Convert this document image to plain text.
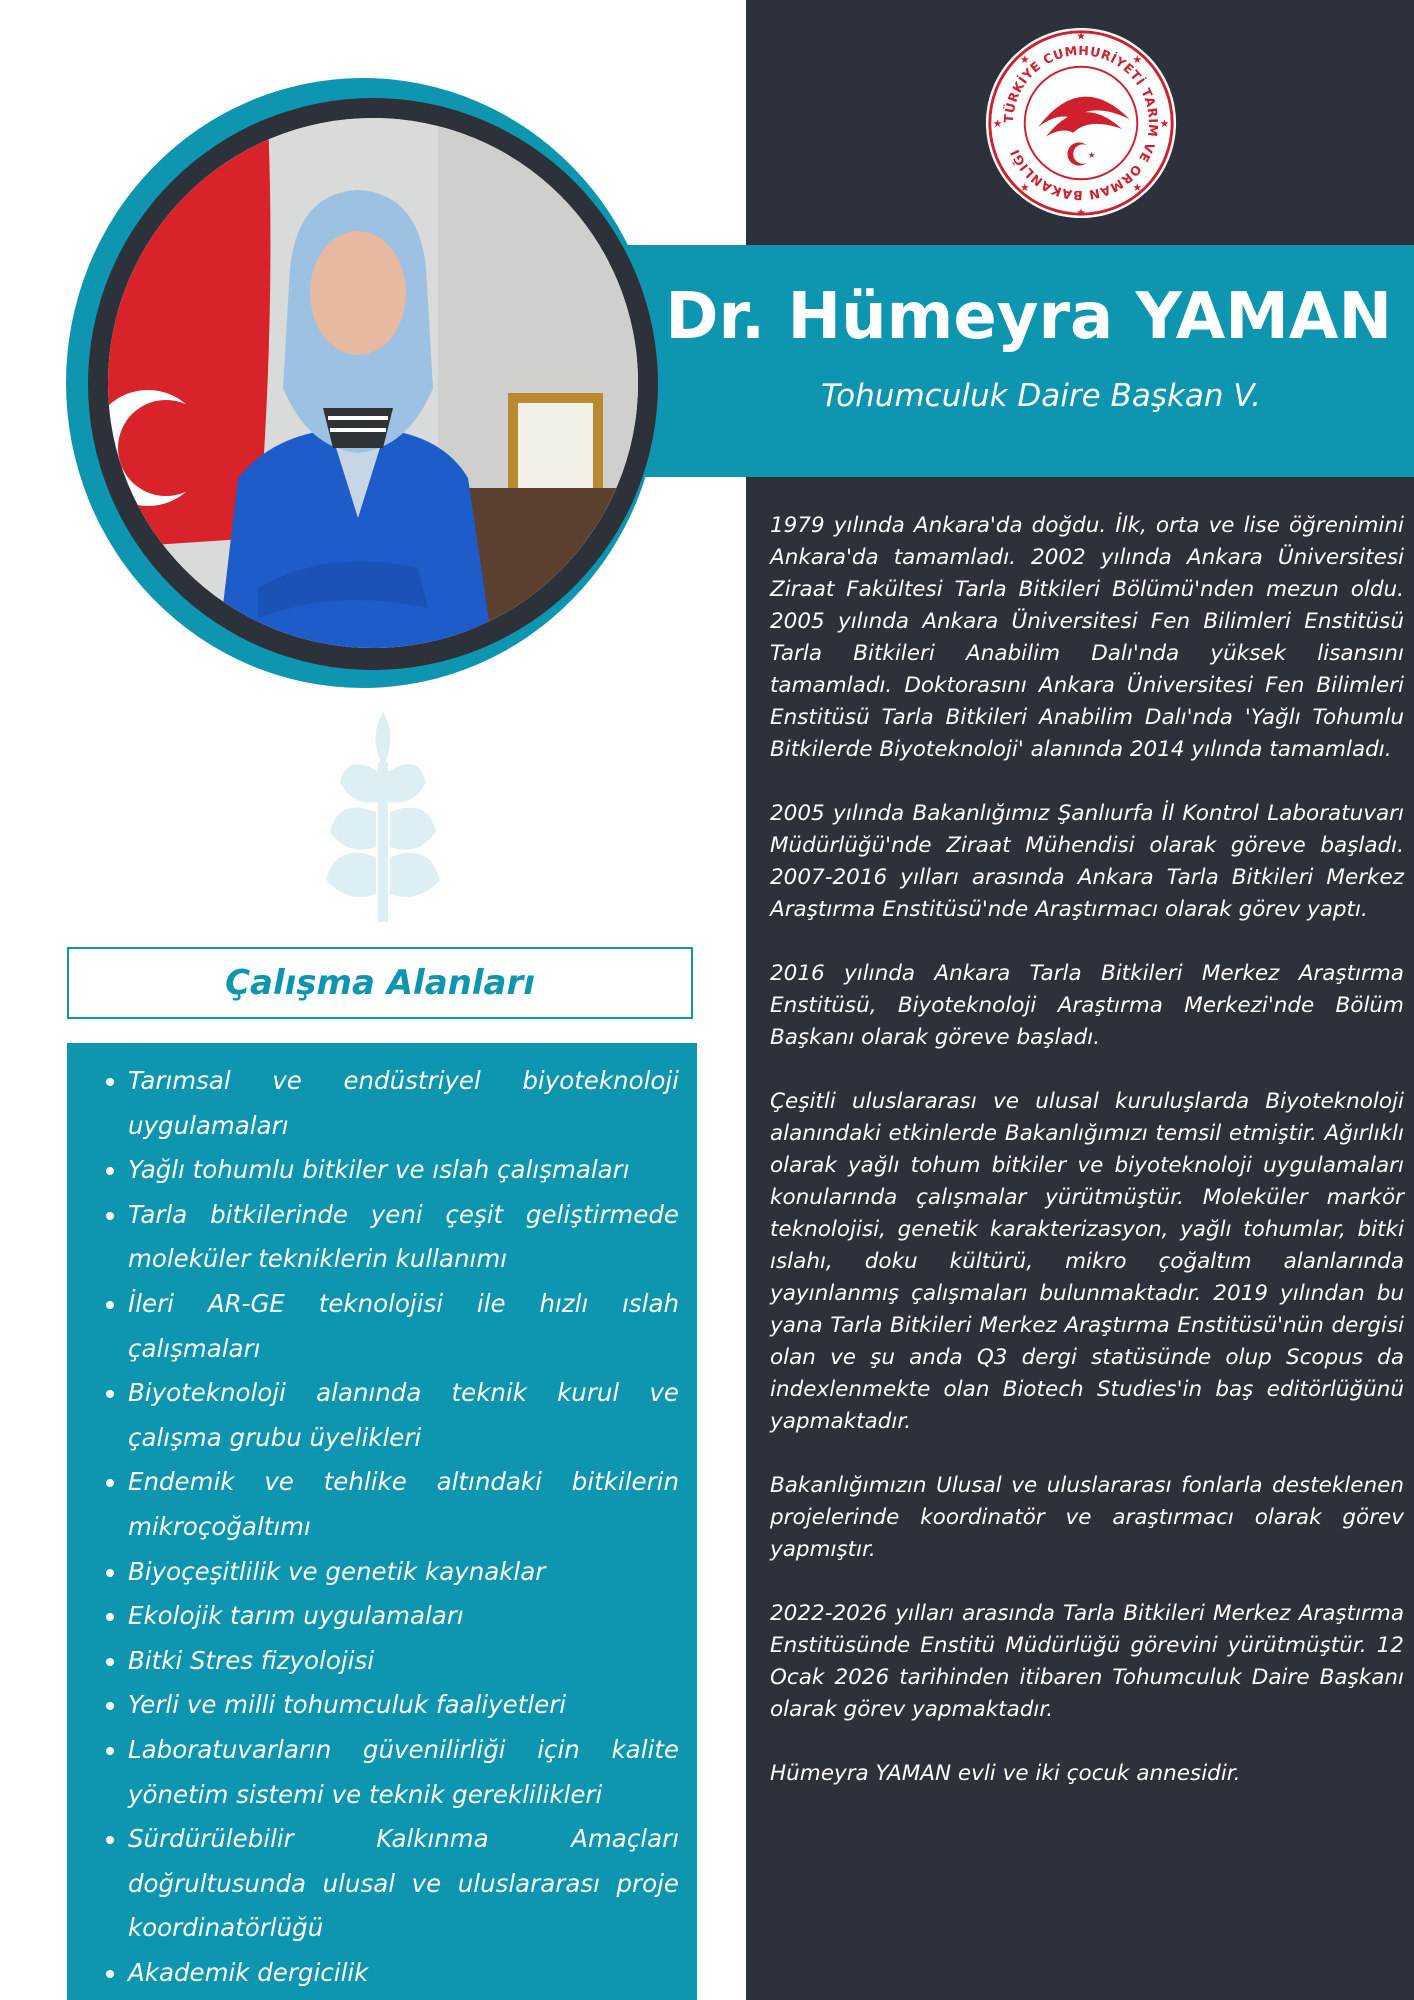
TÜRKİYE CUMHURİYETİ TARIM VE ORMAN BAKANLIĞI
★
★
★
★
★
★
★
★
★
Dr. Hümeyra YAMAN
Tohumculuk Daire Başkan V.
Çalışma Alanları
• Tarımsal ve endüstriyel biyoteknoloji uygulamaları
• Yağlı tohumlu bitkiler ve ıslah çalışmaları
• Tarla bitkilerinde yeni çeşit geliştirmede moleküler tekniklerin kullanımı
• İleri AR-GE teknolojisi ile hızlı ıslah çalışmaları
• Biyoteknoloji alanında teknik kurul ve çalışma grubu üyelikleri
• Endemik ve tehlike altındaki bitkilerin mikroçoğaltımı
• Biyoçeşitlilik ve genetik kaynaklar
• Ekolojik tarım uygulamaları
• Bitki Stres fizyolojisi
• Yerli ve milli tohumculuk faaliyetleri
• Laboratuvarların güvenilirliği için kalite yönetim sistemi ve teknik gereklilikleri
• Sürdürülebilir Kalkınma Amaçları doğrultusunda ulusal ve uluslararası proje koordinatörlüğü
• Akademik dergicilik

1979 yılında Ankara'da doğdu. İlk, orta ve lise öğrenimini Ankara'da tamamladı. 2002 yılında Ankara Üniversitesi Ziraat Fakültesi Tarla Bitkileri Bölümü'nden mezun oldu. 2005 yılında Ankara Üniversitesi Fen Bilimleri Enstitüsü Tarla Bitkileri Anabilim Dalı'nda yüksek lisansını tamamladı. Doktorasını Ankara Üniversitesi Fen Bilimleri Enstitüsü Tarla Bitkileri Anabilim Dalı'nda 'Yağlı Tohumlu Bitkilerde Biyoteknoloji' alanında 2014 yılında tamamladı.

2005 yılında Bakanlığımız Şanlıurfa İl Kontrol Laboratuvarı Müdürlüğü'nde Ziraat Mühendisi olarak göreve başladı. 2007-2016 yılları arasında Ankara Tarla Bitkileri Merkez Araştırma Enstitüsü'nde Araştırmacı olarak görev yaptı.

2016 yılında Ankara Tarla Bitkileri Merkez Araştırma Enstitüsü, Biyoteknoloji Araştırma Merkezi'nde Bölüm Başkanı olarak göreve başladı.

Çeşitli uluslararası ve ulusal kuruluşlarda Biyoteknoloji alanındaki etkinlerde Bakanlığımızı temsil etmiştir. Ağırlıklı olarak yağlı tohum bitkiler ve biyoteknoloji uygulamaları konularında çalışmalar yürütmüştür. Moleküler markör teknolojisi, genetik karakterizasyon, yağlı tohumlar, bitki ıslahı, doku kültürü, mikro çoğaltım alanlarında yayınlanmış çalışmaları bulunmaktadır. 2019 yılından bu yana Tarla Bitkileri Merkez Araştırma Enstitüsü'nün dergisi olan ve şu anda Q3 dergi statüsünde olup Scopus da indexlenmekte olan Biotech Studies'in baş editörlüğünü yapmaktadır.

Bakanlığımızın Ulusal ve uluslararası fonlarla desteklenen projelerinde koordinatör ve araştırmacı olarak görev yapmıştır.

2022-2026 yılları arasında Tarla Bitkileri Merkez Araştırma Enstitüsünde Enstitü Müdürlüğü görevini yürütmüştür. 12 Ocak 2026 tarihinden itibaren Tohumculuk Daire Başkanı olarak görev yapmaktadır.

Hümeyra YAMAN evli ve iki çocuk annesidir.
